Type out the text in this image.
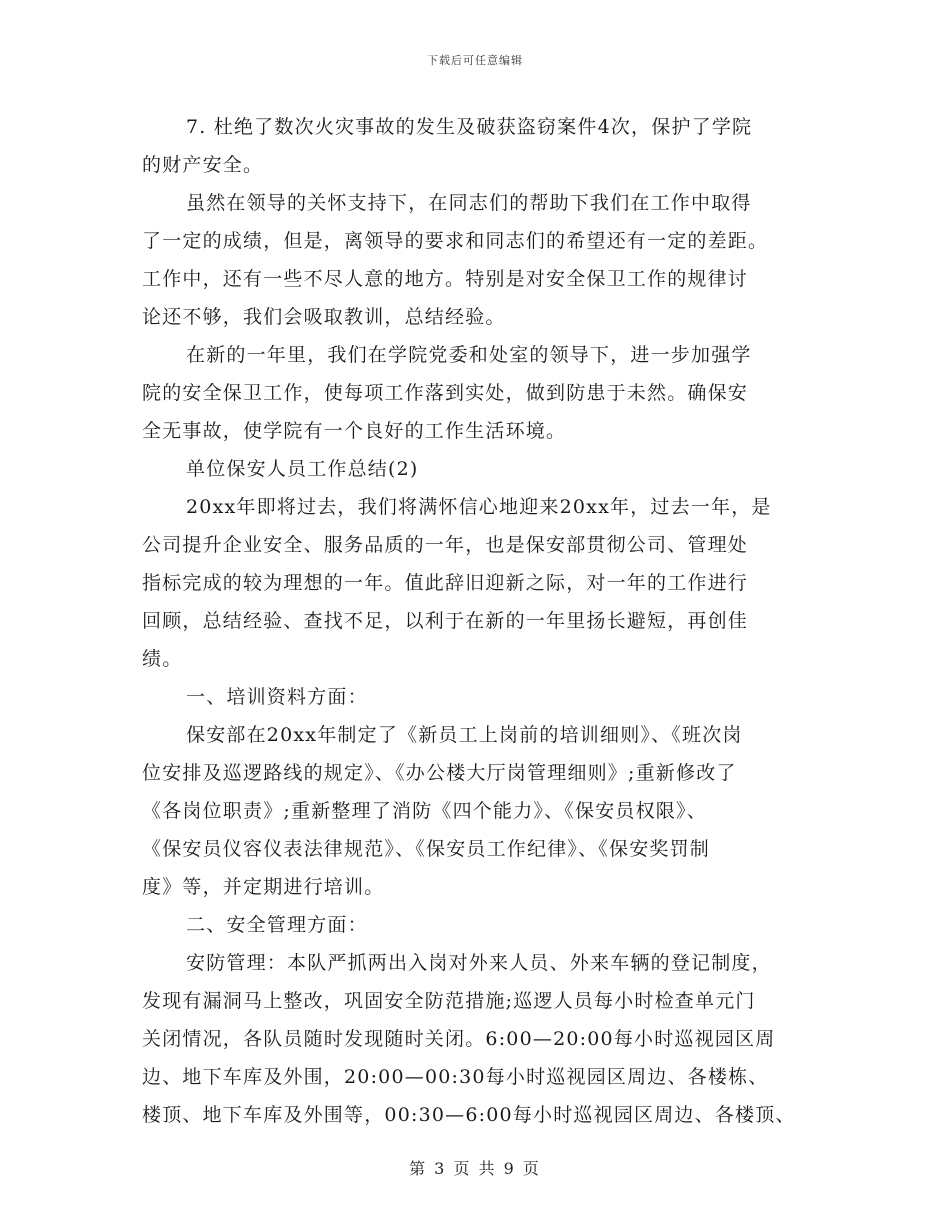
下载后可任意编辑
7. 杜绝了数次火灾事故的发生及破获盗窃案件4次，保护了学院
的财产安全。
虽然在领导的关怀支持下，在同志们的帮助下我们在工作中取得
了一定的成绩，但是，离领导的要求和同志们的希望还有一定的差距。
工作中，还有一些不尽人意的地方。特别是对安全保卫工作的规律讨
论还不够，我们会吸取教训，总结经验。
在新的一年里，我们在学院党委和处室的领导下，进一步加强学
院的安全保卫工作，使每项工作落到实处，做到防患于未然。确保安
全无事故，使学院有一个良好的工作生活环境。
单位保安人员工作总结(2)
20xx年即将过去，我们将满怀信心地迎来20xx年，过去一年，是
公司提升企业安全、服务品质的一年，也是保安部贯彻公司、管理处
指标完成的较为理想的一年。值此辞旧迎新之际，对一年的工作进行
回顾，总结经验、查找不足，以利于在新的一年里扬长避短，再创佳
绩。
一、培训资料方面：
保安部在20xx年制定了《新员工上岗前的培训细则》、《班次岗
位安排及巡逻路线的规定》、《办公楼大厅岗管理细则》;重新修改了
《各岗位职责》;重新整理了消防《四个能力》、《保安员权限》、
《保安员仪容仪表法律规范》、《保安员工作纪律》、《保安奖罚制
度》等，并定期进行培训。
二、安全管理方面：
安防管理：本队严抓两出入岗对外来人员、外来车辆的登记制度，
发现有漏洞马上整改，巩固安全防范措施;巡逻人员每小时检查单元门
关闭情况，各队员随时发现随时关闭。6:00—20:00每小时巡视园区周
边、地下车库及外围，20:00—00:30每小时巡视园区周边、各楼栋、
楼顶、地下车库及外围等，00:30—6:00每小时巡视园区周边、各楼顶、
第 3 页 共 9 页
